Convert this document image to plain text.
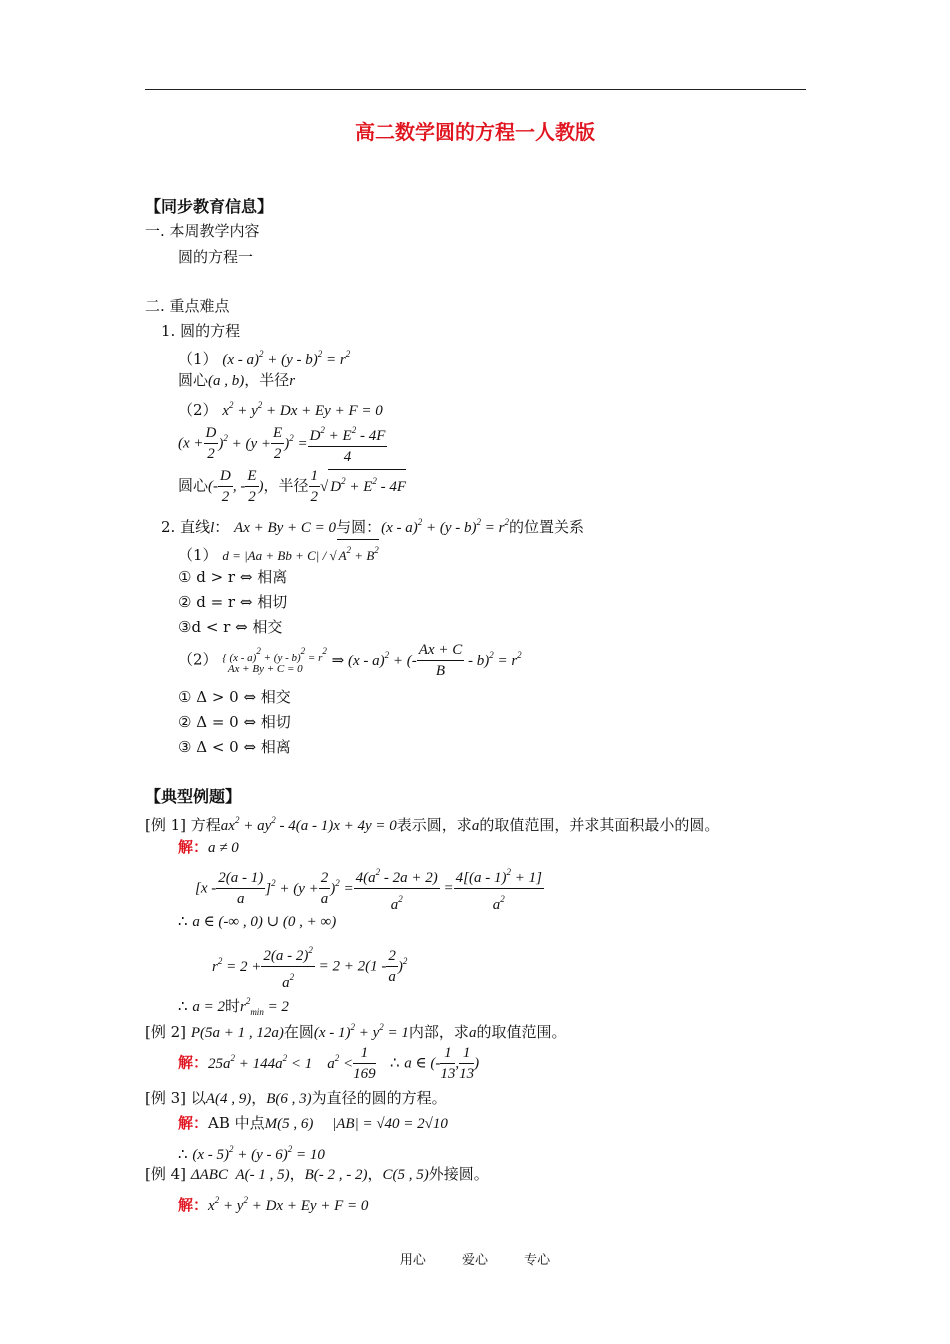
高二数学圆的方程一人教版
【同步教育信息】
一. 本周教学内容
圆的方程一
二. 重点难点
1. 圆的方程
（1） $(x - a)^2 + (y - b)^2 = r^2$
圆心(a , b)，半径r
（2） $x^2 + y^2 + Dx + Ey + F = 0$
$(x + \frac{D}{2} )^2 + (y + \frac{E}{2} )^2 = \frac{D^2 + E^2 - 4F}{4}$
圆心(- $\frac{D}{2}$ , - $\frac{E}{2}$ )，半径 $\frac{1}{2}$ √ $D^2 + E^2 - 4F$
2. 直线l： Ax + By + C = 0与圆：$(x - a)^2 + (y - b)^2 = r^2$的位置关系
（1） d = |Aa + Bb + C| / √ $A^2 + B^2$
① d > r ⇔ 相离
② d = r ⇔ 相切
③d < r ⇔ 相交
（2） { $(x - a)^2 + (y - b)^2 = r^2$
Ax + By + C = 0 ⇒ (x - a)$^2$ + (- $\frac{Ax + C}{B} - b)^2 = r^2$
① Δ > 0 ⇔ 相交
② Δ = 0 ⇔ 相切
③ Δ < 0 ⇔ 相离
【典型例题】
[例 1] 方程$ax^2 + ay^2 - 4(a - 1)x + 4y = 0$表示圆，求a的取值范围，并求其面积最小的圆。
解：a ≠ 0
$[x - \frac{2(a - 1)}{a} ]^2 + (y + \frac{2}{a} )^2 = \frac{4(a^2 - 2a + 2)}{a^2} = \frac{4[(a - 1)^2 + 1]}{a^2}$
∴ a ∈ (-∞ , 0) ∪ (0 , + ∞)
$r^2 = 2 + \frac{2(a - 2)^2}{a^2} = 2 + 2(1 - \frac{2}{a} )^2$
∴ a = 2时$r^2_{min} = 2$
[例 2] P(5a + 1 , 12a)在圆$(x - 1)^2 + y^2 = 1$内部，求a的取值范围。
解：$25a^2 + 144a^2 < 1$    $a^2 < \frac{1}{169}$ ∴ a ∈ (- $\frac{1}{13}$ , $\frac{1}{13}$ )
[例 3] 以A(4 , 9)，B(6 , 3)为直径的圆的方程。
解：AB 中点M(5 , 6)     |AB| = √40 = 2√10
∴ (x - 5)$^2$ + (y - 6)$^2$ = 10
[例 4] ΔABC  A(- 1 , 5)，B(- 2 , - 2)，C(5 , 5)外接圆。
解：$x^2 + y^2 + Dx + Ey + F = 0$
用心	爱心	专心
